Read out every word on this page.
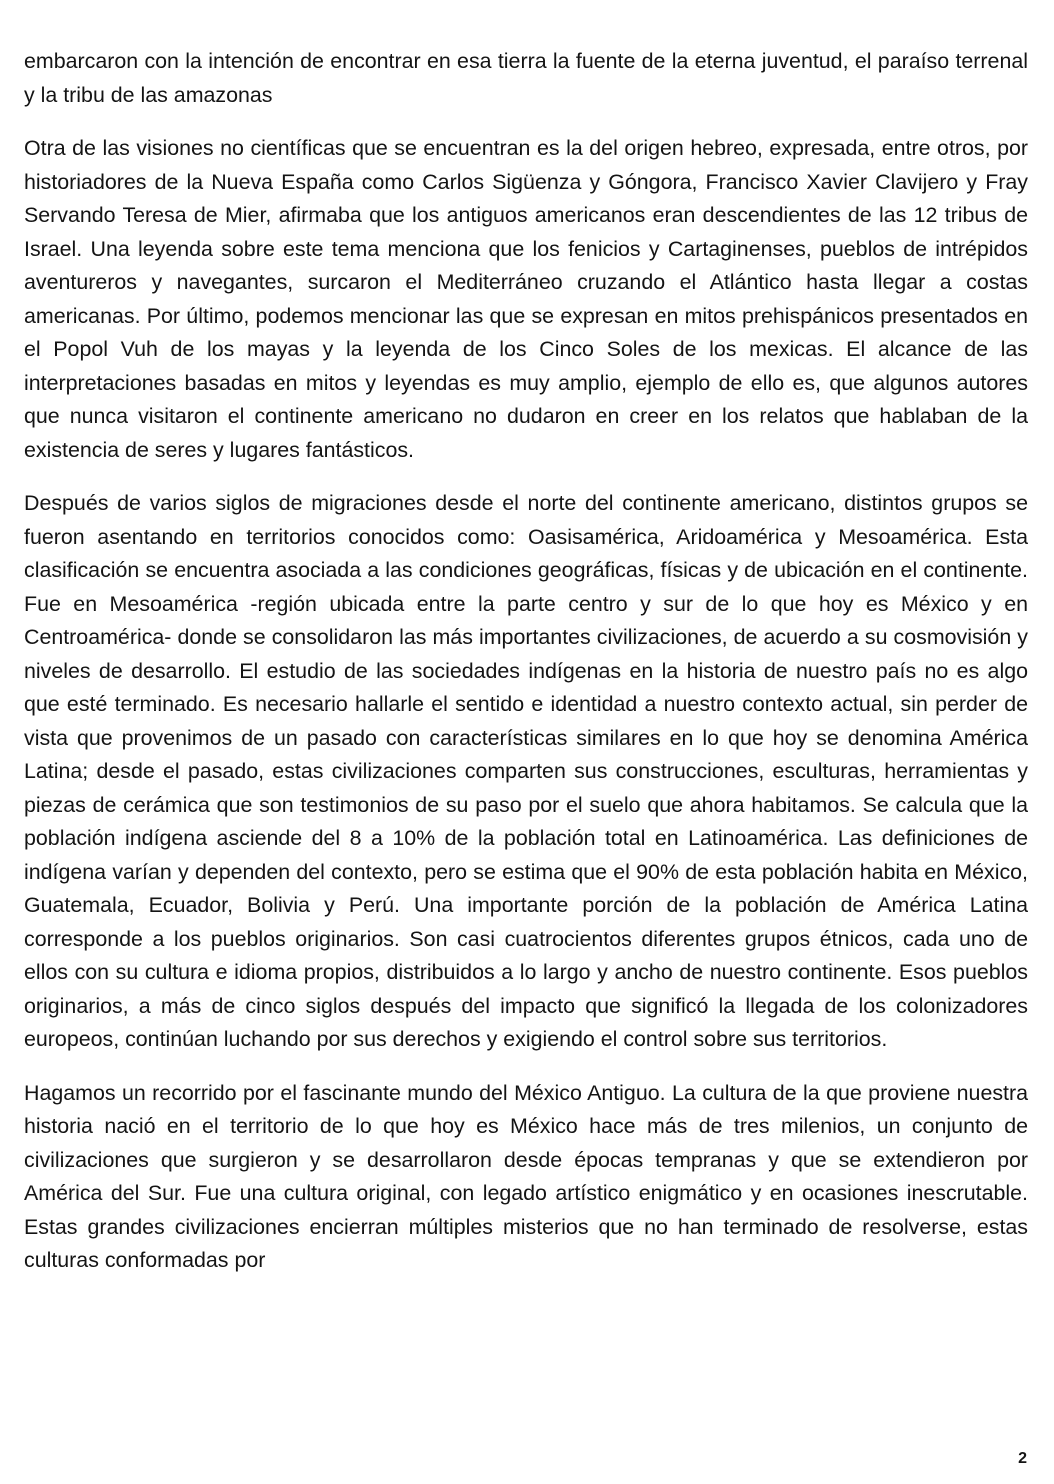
embarcaron con la intención de encontrar en esa tierra la fuente de la eterna juventud, el paraíso terrenal y la tribu de las amazonas

Otra de las visiones no científicas que se encuentran es la del origen hebreo, expresada, entre otros, por historiadores de la Nueva España como Carlos Sigüenza y Góngora, Francisco Xavier Clavijero y Fray Servando Teresa de Mier, afirmaba que los antiguos americanos eran descendientes de las 12 tribus de Israel. Una leyenda sobre este tema menciona que los fenicios y Cartaginenses, pueblos de intrépidos aventureros y navegantes, surcaron el Mediterráneo cruzando el Atlántico hasta llegar a costas americanas. Por último, podemos mencionar las que se expresan en mitos prehispánicos presentados en el Popol Vuh de los mayas y la leyenda de los Cinco Soles de los mexicas. El alcance de las interpretaciones basadas en mitos y leyendas es muy amplio, ejemplo de ello es, que algunos autores que nunca visitaron el continente americano no dudaron en creer en los relatos que hablaban de la existencia de seres y lugares fantásticos.

Después de varios siglos de migraciones desde el norte del continente americano, distintos grupos se fueron asentando en territorios conocidos como: Oasisamérica, Aridoamérica y Mesoamérica. Esta clasificación se encuentra asociada a las condiciones geográficas, físicas y de ubicación en el continente. Fue en Mesoamérica -región ubicada entre la parte centro y sur de lo que hoy es México y en Centroamérica- donde se consolidaron las más importantes civilizaciones, de acuerdo a su cosmovisión y niveles de desarrollo. El estudio de las sociedades indígenas en la historia de nuestro país no es algo que esté terminado. Es necesario hallarle el sentido e identidad a nuestro contexto actual, sin perder de vista que provenimos de un pasado con características similares en lo que hoy se denomina América Latina; desde el pasado, estas civilizaciones comparten sus construcciones, esculturas, herramientas y piezas de cerámica que son testimonios de su paso por el suelo que ahora habitamos. Se calcula que la población indígena asciende del 8 a 10% de la población total en Latinoamérica. Las definiciones de indígena varían y dependen del contexto, pero se estima que el 90% de esta población habita en México, Guatemala, Ecuador, Bolivia y Perú. Una importante porción de la población de América Latina corresponde a los pueblos originarios. Son casi cuatrocientos diferentes grupos étnicos, cada uno de ellos con su cultura e idioma propios, distribuidos a lo largo y ancho de nuestro continente. Esos pueblos originarios, a más de cinco siglos después del impacto que significó la llegada de los colonizadores europeos, continúan luchando por sus derechos y exigiendo el control sobre sus territorios.

Hagamos un recorrido por el fascinante mundo del México Antiguo. La cultura de la que proviene nuestra historia nació en el territorio de lo que hoy es México hace más de tres milenios, un conjunto de civilizaciones que surgieron y se desarrollaron desde épocas tempranas y que se extendieron por América del Sur. Fue una cultura original, con legado artístico enigmático y en ocasiones inescrutable. Estas grandes civilizaciones encierran múltiples misterios que no han terminado de resolverse, estas culturas conformadas por

2
